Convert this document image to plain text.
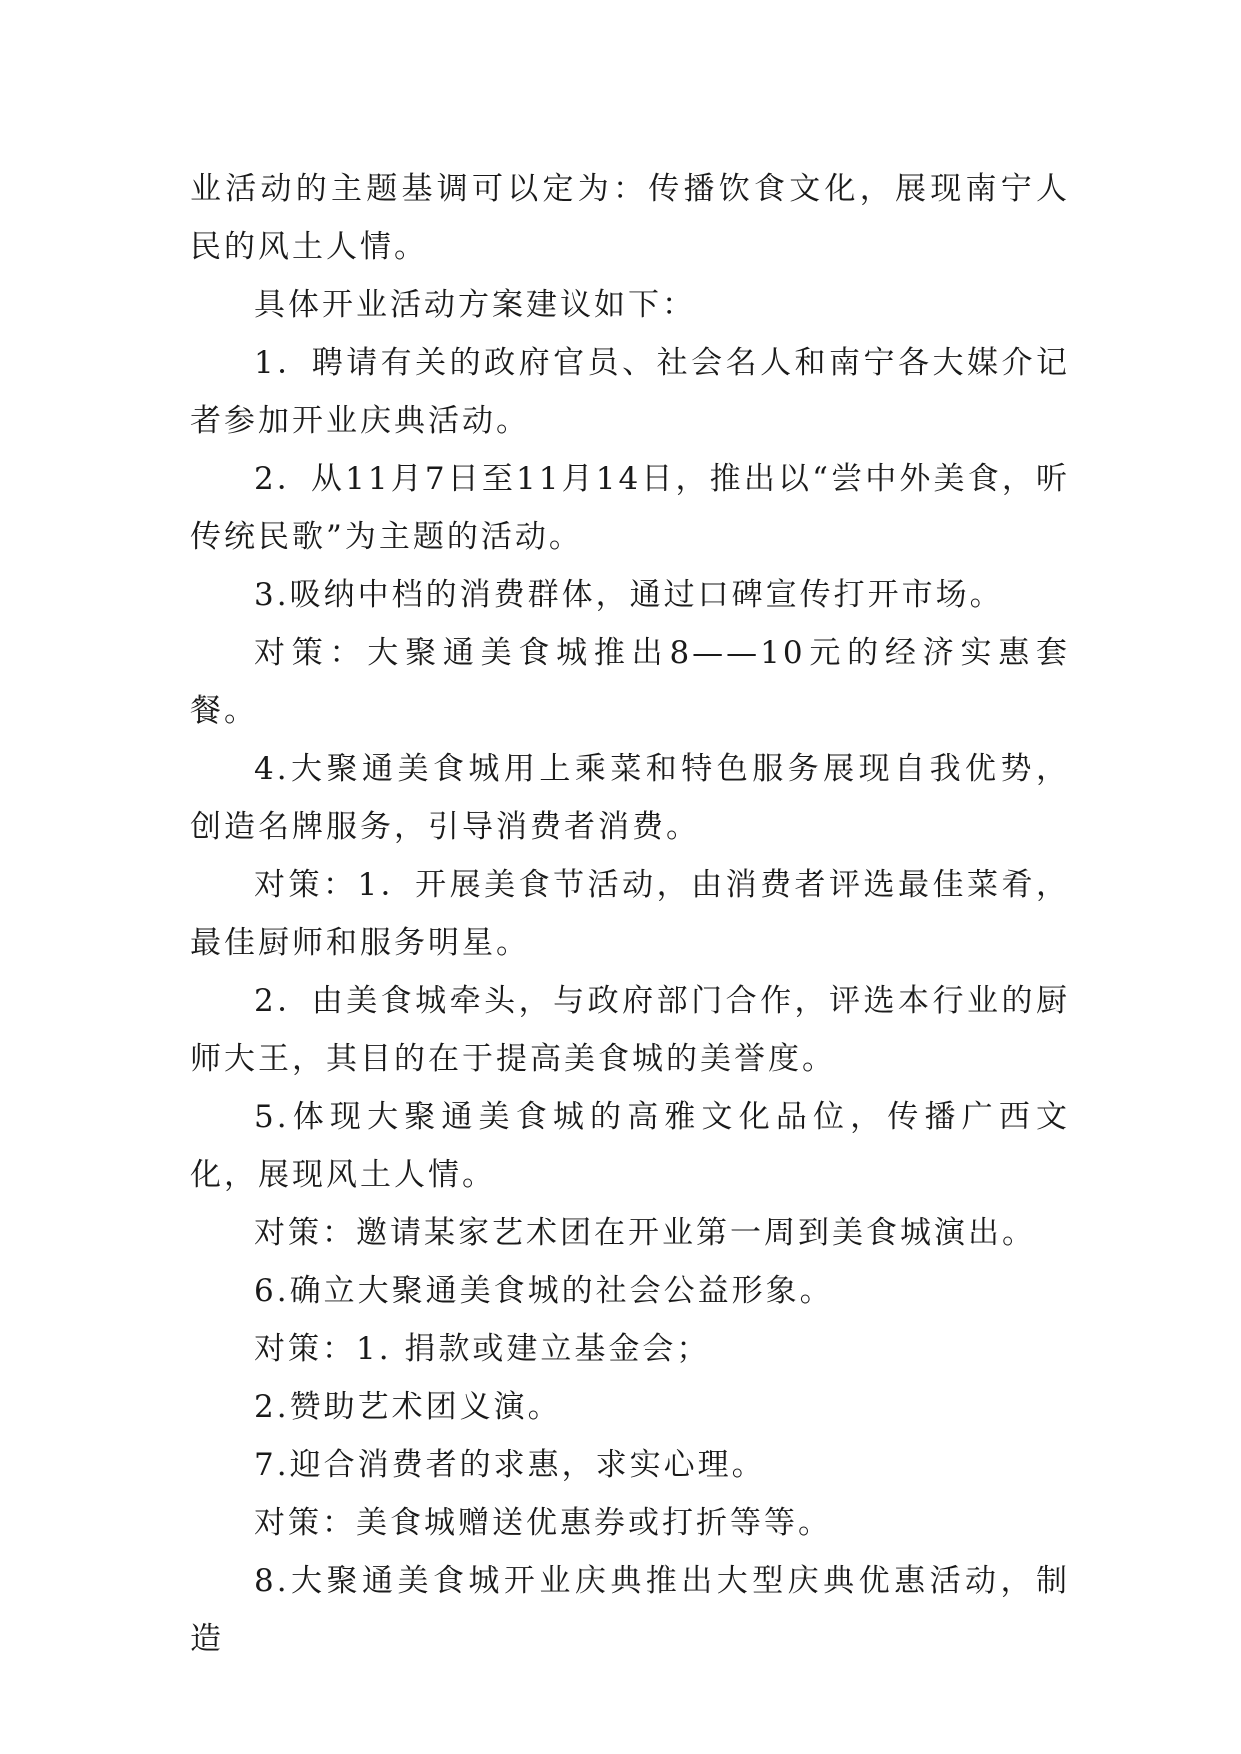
业活动的主题基调可以定为：传播饮食文化，展现南宁人民的风土人情。

具体开业活动方案建议如下：

1．聘请有关的政府官员、社会名人和南宁各大媒介记者参加开业庆典活动。

2．从11月7日至11月14日，推出以“尝中外美食，听传统民歌”为主题的活动。

3.吸纳中档的消费群体，通过口碑宣传打开市场。

对策：大聚通美食城推出8——10元的经济实惠套餐。

4.大聚通美食城用上乘菜和特色服务展现自我优势，创造名牌服务，引导消费者消费。

对策：1．开展美食节活动，由消费者评选最佳菜肴，最佳厨师和服务明星。

2．由美食城牵头，与政府部门合作，评选本行业的厨师大王，其目的在于提高美食城的美誉度。

5.体现大聚通美食城的高雅文化品位，传播广西文化，展现风土人情。

对策：邀请某家艺术团在开业第一周到美食城演出。

6.确立大聚通美食城的社会公益形象。

对策：1. 捐款或建立基金会；

2.赞助艺术团义演。

7.迎合消费者的求惠，求实心理。

对策：美食城赠送优惠券或打折等等。

8.大聚通美食城开业庆典推出大型庆典优惠活动，制造
